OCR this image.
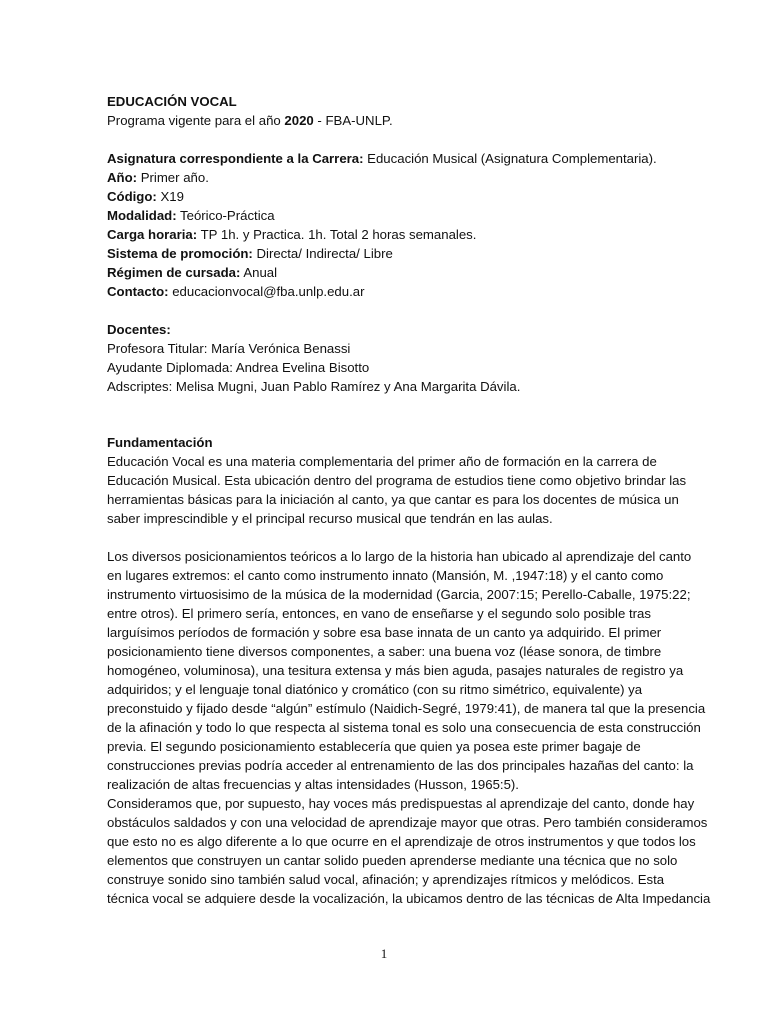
EDUCACIÓN VOCAL

Programa vigente para el año 2020 - FBA-UNLP.

Asignatura correspondiente a la Carrera: Educación Musical (Asignatura Complementaria).

Año: Primer año.

Código: X19

Modalidad: Teórico-Práctica

Carga horaria: TP 1h. y Practica. 1h. Total 2 horas semanales.

Sistema de promoción: Directa/ Indirecta/ Libre

Régimen de cursada: Anual

Contacto: educacionvocal@fba.unlp.edu.ar

Docentes:

Profesora Titular: María Verónica Benassi

Ayudante Diplomada: Andrea Evelina Bisotto

Adscriptes: Melisa Mugni, Juan Pablo Ramírez y Ana Margarita Dávila.

Fundamentación

Educación Vocal es una materia complementaria del primer año de formación en la carrera de

Educación Musical. Esta ubicación dentro del programa de estudios tiene como objetivo brindar las

herramientas básicas para la iniciación al canto, ya que cantar es para los docentes de música un

saber imprescindible y el principal recurso musical que tendrán en las aulas.

Los diversos posicionamientos teóricos a lo largo de la historia han ubicado al aprendizaje del canto

en lugares extremos: el canto como instrumento innato (Mansión, M. ,1947:18) y el canto como

instrumento virtuosisimo de la música de la modernidad (Garcia, 2007:15; Perello-Caballe, 1975:22;

entre otros). El primero sería, entonces, en vano de enseñarse y el segundo solo posible tras

larguísimos períodos de formación y sobre esa base innata de un canto ya adquirido. El primer

posicionamiento tiene diversos componentes, a saber: una buena voz (léase sonora, de timbre

homogéneo, voluminosa), una tesitura extensa y más bien aguda, pasajes naturales de registro ya

adquiridos; y el lenguaje tonal diatónico y cromático (con su ritmo simétrico, equivalente) ya

preconstuido y fijado desde “algún” estímulo (Naidich-Segré, 1979:41), de manera tal que la presencia

de la afinación y todo lo que respecta al sistema tonal es solo una consecuencia de esta construcción

previa. El segundo posicionamiento establecería que quien ya posea este primer bagaje de

construcciones previas podría acceder al entrenamiento de las dos principales hazañas del canto: la

realización de altas frecuencias y altas intensidades (Husson, 1965:5).

Consideramos que, por supuesto, hay voces más predispuestas al aprendizaje del canto, donde hay

obstáculos saldados y con una velocidad de aprendizaje mayor que otras. Pero también consideramos

que esto no es algo diferente a lo que ocurre en el aprendizaje de otros instrumentos y que todos los

elementos que construyen un cantar solido pueden aprenderse mediante una técnica que no solo

construye sonido sino también salud vocal, afinación; y aprendizajes rítmicos y melódicos. Esta

técnica vocal se adquiere desde la vocalización, la ubicamos dentro de las técnicas de Alta Impedancia

1
